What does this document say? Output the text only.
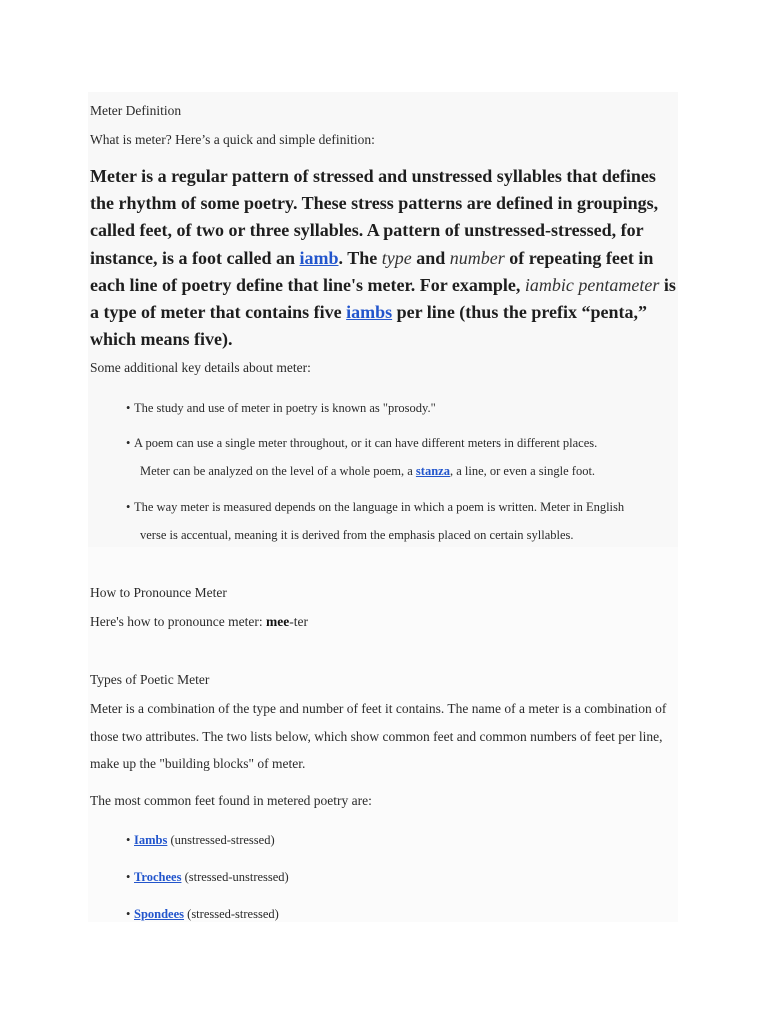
Meter Definition

What is meter? Here’s a quick and simple definition:

Meter is a regular pattern of stressed and unstressed syllables that defines the rhythm of some poetry. These stress patterns are defined in groupings, called feet, of two or three syllables. A pattern of unstressed-stressed, for instance, is a foot called an iamb. The type and number of repeating feet in each line of poetry define that line's meter. For example, iambic pentameter is a type of meter that contains five iambs per line (thus the prefix “penta,” which means five).

Some additional key details about meter:

• The study and use of meter in poetry is known as "prosody."
• A poem can use a single meter throughout, or it can have different meters in different places.
Meter can be analyzed on the level of a whole poem, a stanza, a line, or even a single foot.
• The way meter is measured depends on the language in which a poem is written. Meter in English
verse is accentual, meaning it is derived from the emphasis placed on certain syllables.

How to Pronounce Meter

Here's how to pronounce meter: mee-ter

Types of Poetic Meter

Meter is a combination of the type and number of feet it contains. The name of a meter is a combination of those two attributes. The two lists below, which show common feet and common numbers of feet per line, make up the "building blocks" of meter.

The most common feet found in metered poetry are:

• Iambs (unstressed-stressed)
• Trochees (stressed-unstressed)
• Spondees (stressed-stressed)
